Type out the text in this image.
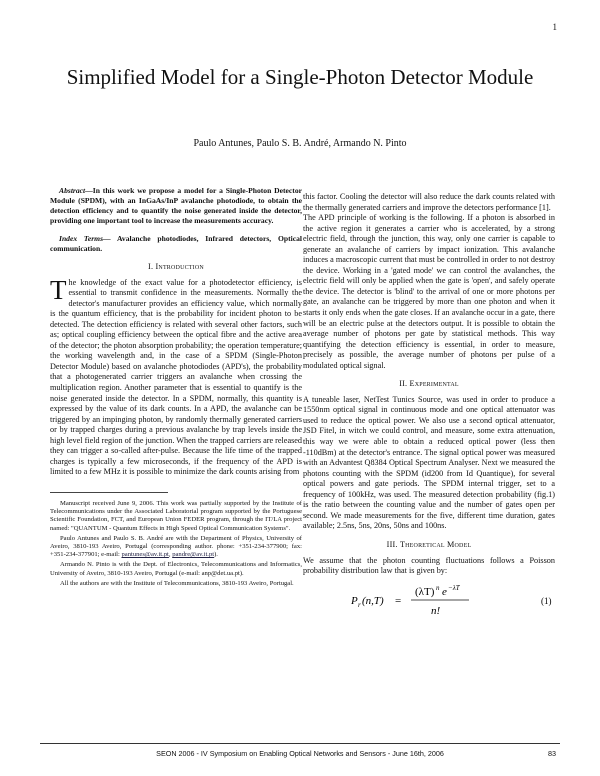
1
Simplified Model for a Single-Photon Detector Module
Paulo Antunes, Paulo S. B. André, Armando N. Pinto

Abstract—In this work we propose a model for a Single-Photon Detector Module (SPDM), with an InGaAs/InP avalanche photodiode, to obtain the detection efficiency and to quantify the noise generated inside the detector, providing one important tool to increase the measurements accuracy.

Index Terms— Avalanche photodiodes, Infrared detectors, Optical communication.

I. Introduction

The knowledge of the exact value for a photodetector efficiency, is essential to transmit confidence in the measurements. Normally the detector's manufacturer provides an efficiency value, which normally is the quantum efficiency, that is the probability for incident photon to be detected. The detection efficiency is related with several other factors, such as; optical coupling efficiency between the optical fibre and the active area of the detector; the photon absorption probability; the operation temperature; the working wavelength and, in the case of a SPDM (Single-Photon Detector Module) based on avalanche photodiodes (APD's), the probability that a photogenerated carrier triggers an avalanche when crossing the multiplication region. Another parameter that is essential to quantify is the noise generated inside the detector. In a SPDM, normally, this quantity is expressed by the value of its dark counts. In a APD, the avalanche can be triggered by an impinging photon, by randomly thermally generated carriers or by trapped charges during a previous avalanche by trap levels inside the high level field region of the junction. When the trapped carriers are released they can trigger a so-called after-pulse. Because the life time of the trapped charges is typically a few microseconds, if the frequency of the APD is limited to a few MHz it is possible to minimize the dark counts arising from

Manuscript received June 9, 2006. This work was partially supported by the Institute of Telecommunications under the Associated Laboratorial program supported by the Portuguese Scientific Foundation, FCT, and European Union FEDER program, through the IT/LA project named: "QUANTUM - Quantum Effects in High Speed Optical Communication Systems".

Paulo Antunes and Paulo S. B. André are with the Department of Physics, University of Aveiro, 3810-193 Aveiro, Portugal (corresponding author. phone: +351-234-377900; fax: +351-234-377901; e-mail: pantunes@av.it.pt, pandre@av.it.pt).

Armando N. Pinto is with the Dept. of Electronics, Telecommunications and Informatics, University of Aveiro, 3810-193 Aveiro, Portugal (e-mail: anp@det.ua.pt).

All the authors are with the Institute of Telecommunications, 3810-193 Aveiro, Portugal.

this factor. Cooling the detector will also reduce the dark counts related with the thermally generated carriers and improve the detectors performance [1].

The APD principle of working is the following. If a photon is absorbed in the active region it generates a carrier who is accelerated, by a strong electric field, through the junction, this way, only one carrier is capable to generate an avalanche of carriers by impact ionization. This avalanche induces a macroscopic current that must be controlled in order to not destroy the device. Working in a 'gated mode' we can control the avalanches, the electric field will only be applied when the gate is 'open', and safely operate the device. The detector is 'blind' to the arrival of one or more photons per gate, an avalanche can be triggered by more than one photon and when it starts it only ends when the gate closes. If an avalanche occur in a gate, there will be an electric pulse at the detectors output. It is possible to obtain the average number of photons per gate by statistical methods. This way quantifying the detection efficiency is essential, in order to measure, precisely as possible, the average number of photons per pulse of a modulated optical signal.

II. Experimental

A tuneable laser, NetTest Tunics Source, was used in order to produce a 1550nm optical signal in continuous mode and one optical attenuator was used to reduce the optical power. We also use a second optical attenuator, JSD Fitel, in witch we could control, and measure, some extra attenuation, this way we were able to obtain a reduced optical power (less then -110dBm) at the detector's entrance. The signal optical power was measured with an Advantest Q8384 Optical Spectrum Analyser. Next we measured the photons counting with the SPDM (id200 from Id Quantique), for several optical powers and gate periods. The SPDM internal trigger, set to a frequency of 100kHz, was used. The measured detection probability (fig.1) is the ratio between the counting value and the number of gates open per second. We made measurements for the five, different time duration, gates available; 2.5ns, 5ns, 20ns, 50ns and 100ns.

III. Theoretical Model

We assume that the photon counting fluctuations follows a Poisson probability distribution law that is given by:

P r (n,T) =
(λT) n e −λT
n!
(1)
SEON 2006 - IV Symposium on Enabling Optical Networks and Sensors - June 16th, 2006	83
